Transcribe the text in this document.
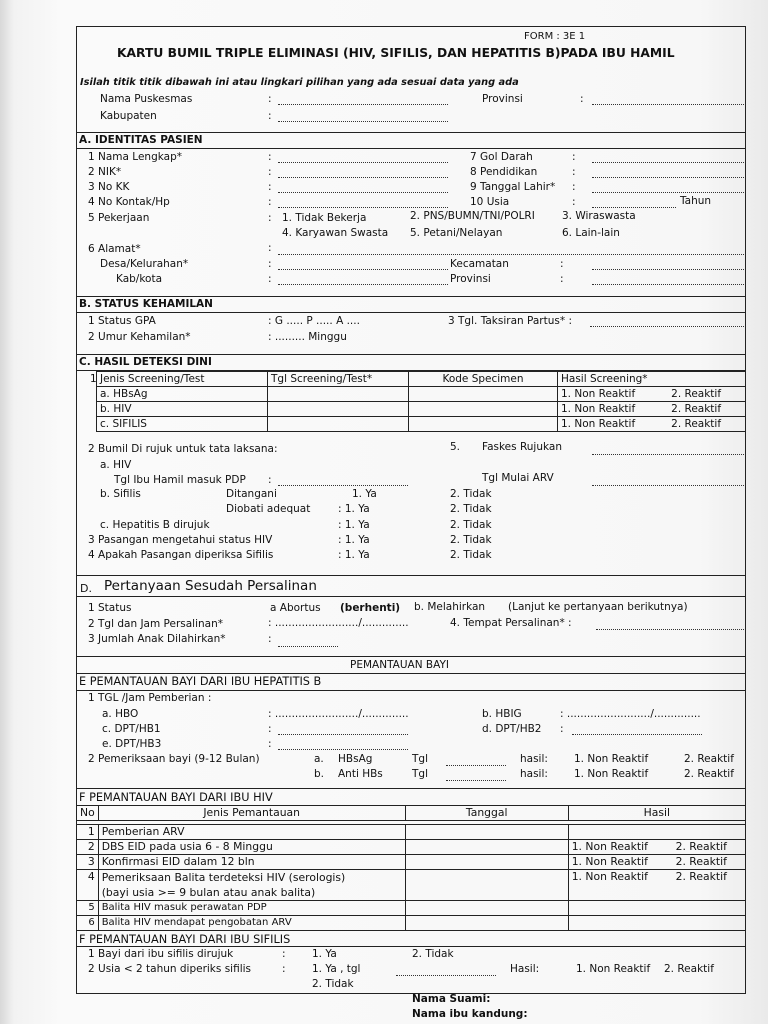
FORM : 3E 1
KARTU BUMIL TRIPLE ELIMINASI (HIV, SIFILIS, DAN HEPATITIS B)PADA IBU HAMIL
Isilah titik titik dibawah ini atau lingkari pilihan yang ada sesuai data yang ada
Nama Puskesmas	:	Provinsi	:
Kabupaten	:
A. IDENTITAS PASIEN
1 Nama Lengkap*	:
2 NIK*	:
3 No KK	:
4 No Kontak/Hp	:
7 Gol Darah	:
8 Pendidikan	:
9 Tanggal Lahir* :
10 Usia	:	Tahun
5 Pekerjaan	: 1. Tidak Bekerja	2. PNS/BUMN/TNI/POLRI	3. Wiraswasta
4. Karyawan Swasta 5. Petani/Nelayan	6. Lain-lain
6 Alamat*	:
Desa/Kelurahan*	:	Kecamatan	:
Kab/kota	:	Provinsi	:
B. STATUS KEHAMILAN
1 Status GPA	: G ..... P ..... A ....	3 Tgl. Taksiran Partus* :
2 Umur Kehamilan*	: ......... Minggu
C. HASIL DETEKSI DINI
1 Jenis Screening/Test	Tgl Screening/Test*	Kode Specimen	Hasil Screening*	
a. HBsAg			1. Non Reaktif	2. Reaktif
b. HIV			1. Non Reaktif	2. Reaktif
c. SIFILIS			1. Non Reaktif	2. Reaktif
2 Bumil Di rujuk untuk tata laksana:	5. Faskes Rujukan
a. HIV
Tgl Ibu Hamil masuk PDP :	Tgl Mulai ARV
b. Sifilis	Ditangani	1. Ya	2. Tidak
Diobati adequat	: 1. Ya	2. Tidak
c. Hepatitis B dirujuk	: 1. Ya	2. Tidak
3 Pasangan mengetahui status HIV	: 1. Ya	2. Tidak
4 Apakah Pasangan diperiksa Sifilis	: 1. Ya	2. Tidak
D. Pertanyaan Sesudah Persalinan
1 Status	a Abortus (berhenti) b. Melahirkan (Lanjut ke pertanyaan berikutnya)
2 Tgl dan Jam Persalinan*	: ........................./..............	4. Tempat Persalinan* :
3 Jumlah Anak Dilahirkan*	:
PEMANTAUAN BAYI
E PEMANTAUAN BAYI DARI IBU HEPATITIS B
1 TGL /Jam Pemberian :
a. HBO	: ........................./..............	b. HBIG	: ........................./..............
c. DPT/HB1	:	d. DPT/HB2 :
e. DPT/HB3	:
2 Pemeriksaan bayi (9-12 Bulan)	a. HBsAg	Tgl	hasil: 1. Non Reaktif	2. Reaktif
b. Anti HBs	Tgl	hasil: 1. Non Reaktif	2. Reaktif
F PEMANTAUAN BAYI DARI IBU HIV
No	Jenis Pemantauan	Tanggal	Hasil	

1	Pemberian ARV			
2	DBS EID pada usia 6 - 8 Minggu		1. Non Reaktif	2. Reaktif
3	Konfirmasi EID dalam 12 bln		1. Non Reaktif	2. Reaktif
4	Pemeriksaan Balita terdeteksi HIV (serologis)
(bayi usia >= 9 bulan atau anak balita)		1. Non Reaktif	2. Reaktif
5	Balita HIV masuk perawatan PDP			
6	Balita HIV mendapat pengobatan ARV			
F PEMANTAUAN BAYI DARI IBU SIFILIS
1 Bayi dari ibu sifilis dirujuk	:	1. Ya	2. Tidak
2 Usia < 2 tahun diperiks sifilis	:	1. Ya , tgl	Hasil:	1. Non Reaktif 2. Reaktif
2. Tidak
Nama Suami:
Nama ibu kandung:
